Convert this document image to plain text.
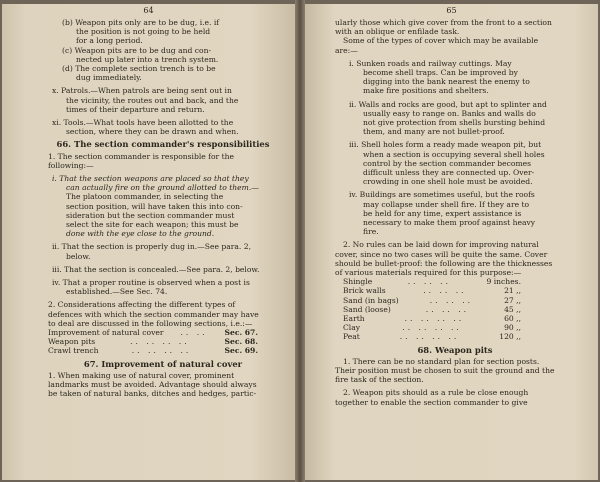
64

(b) Weapon pits only are to be dug, i.e. if

the position is not going to be held

for a long period.

(c) Weapon pits are to be dug and con-

nected up later into a trench system.

(d) The complete section trench is to be

dug immediately.

x. Patrols.—When patrols are being sent out in

the vicinity, the routes out and back, and the

times of their departure and return.

xi. Tools.—What tools have been allotted to the

section, where they can be drawn and when.

66. The section commander's responsibilities

1. The section commander is responsible for the

following:—

i. That the section weapons are placed so that they

can actually fire on the ground allotted to them.—

The platoon commander, in selecting the

section position, will have taken this into con-

sideration but the section commander must

select the site for each weapon; this must be

done with the eye close to the ground.

ii. That the section is properly dug in.—See para. 2,

below.

iii. That the section is concealed.—See para. 2, below.

iv. That a proper routine is observed when a post is

established.—See Sec. 74.

2. Considerations affecting the different types of

defences with which the section commander may have

to deal are discussed in the following sections, i.e.:—

Improvement of natural cover	.. ..	Sec. 67.
Weapon pits	.. .. .. ..	Sec. 68.
Crawl trench	.. .. .. ..	Sec. 69.
67. Improvement of natural cover

1. When making use of natural cover, prominent

landmarks must be avoided. Advantage should always

be taken of natural banks, ditches and hedges, partic-

65

ularly those which give cover from the front to a section

with an oblique or enfilade task.

Some of the types of cover which may be available

are:—

i. Sunken roads and railway cuttings. May

become shell traps. Can be improved by

digging into the bank nearest the enemy to

make fire positions and shelters.

ii. Walls and rocks are good, but apt to splinter and

usually easy to range on. Banks and walls do

not give protection from shells bursting behind

them, and many are not bullet-proof.

iii. Shell holes form a ready made weapon pit, but

when a section is occupying several shell holes

control by the section commander becomes

difficult unless they are connected up. Over-

crowding in one shell hole must be avoided.

iv. Buildings are sometimes useful, but the roofs

may collapse under shell fire. If they are to

be held for any time, expert assistance is

necessary to make them proof against heavy

fire.

2. No rules can be laid down for improving natural

cover, since no two cases will be quite the same. Cover

should be bullet-proof: the following are the thicknesses

of various materials required for this purpose:—

Shingle	.. .. ..	9 inches.
Brick walls	.. .. ..	21 ,,
Sand (in bags)	.. .. ..	27 ,,
Sand (loose)	.. .. ..	45 ,,
Earth	.. .. .. ..	60 ,,
Clay	.. .. .. ..	90 ,,
Peat	.. .. .. ..	120 ,,
68. Weapon pits

1. There can be no standard plan for section posts.

Their position must be chosen to suit the ground and the

fire task of the section.

2. Weapon pits should as a rule be close enough

together to enable the section commander to give
